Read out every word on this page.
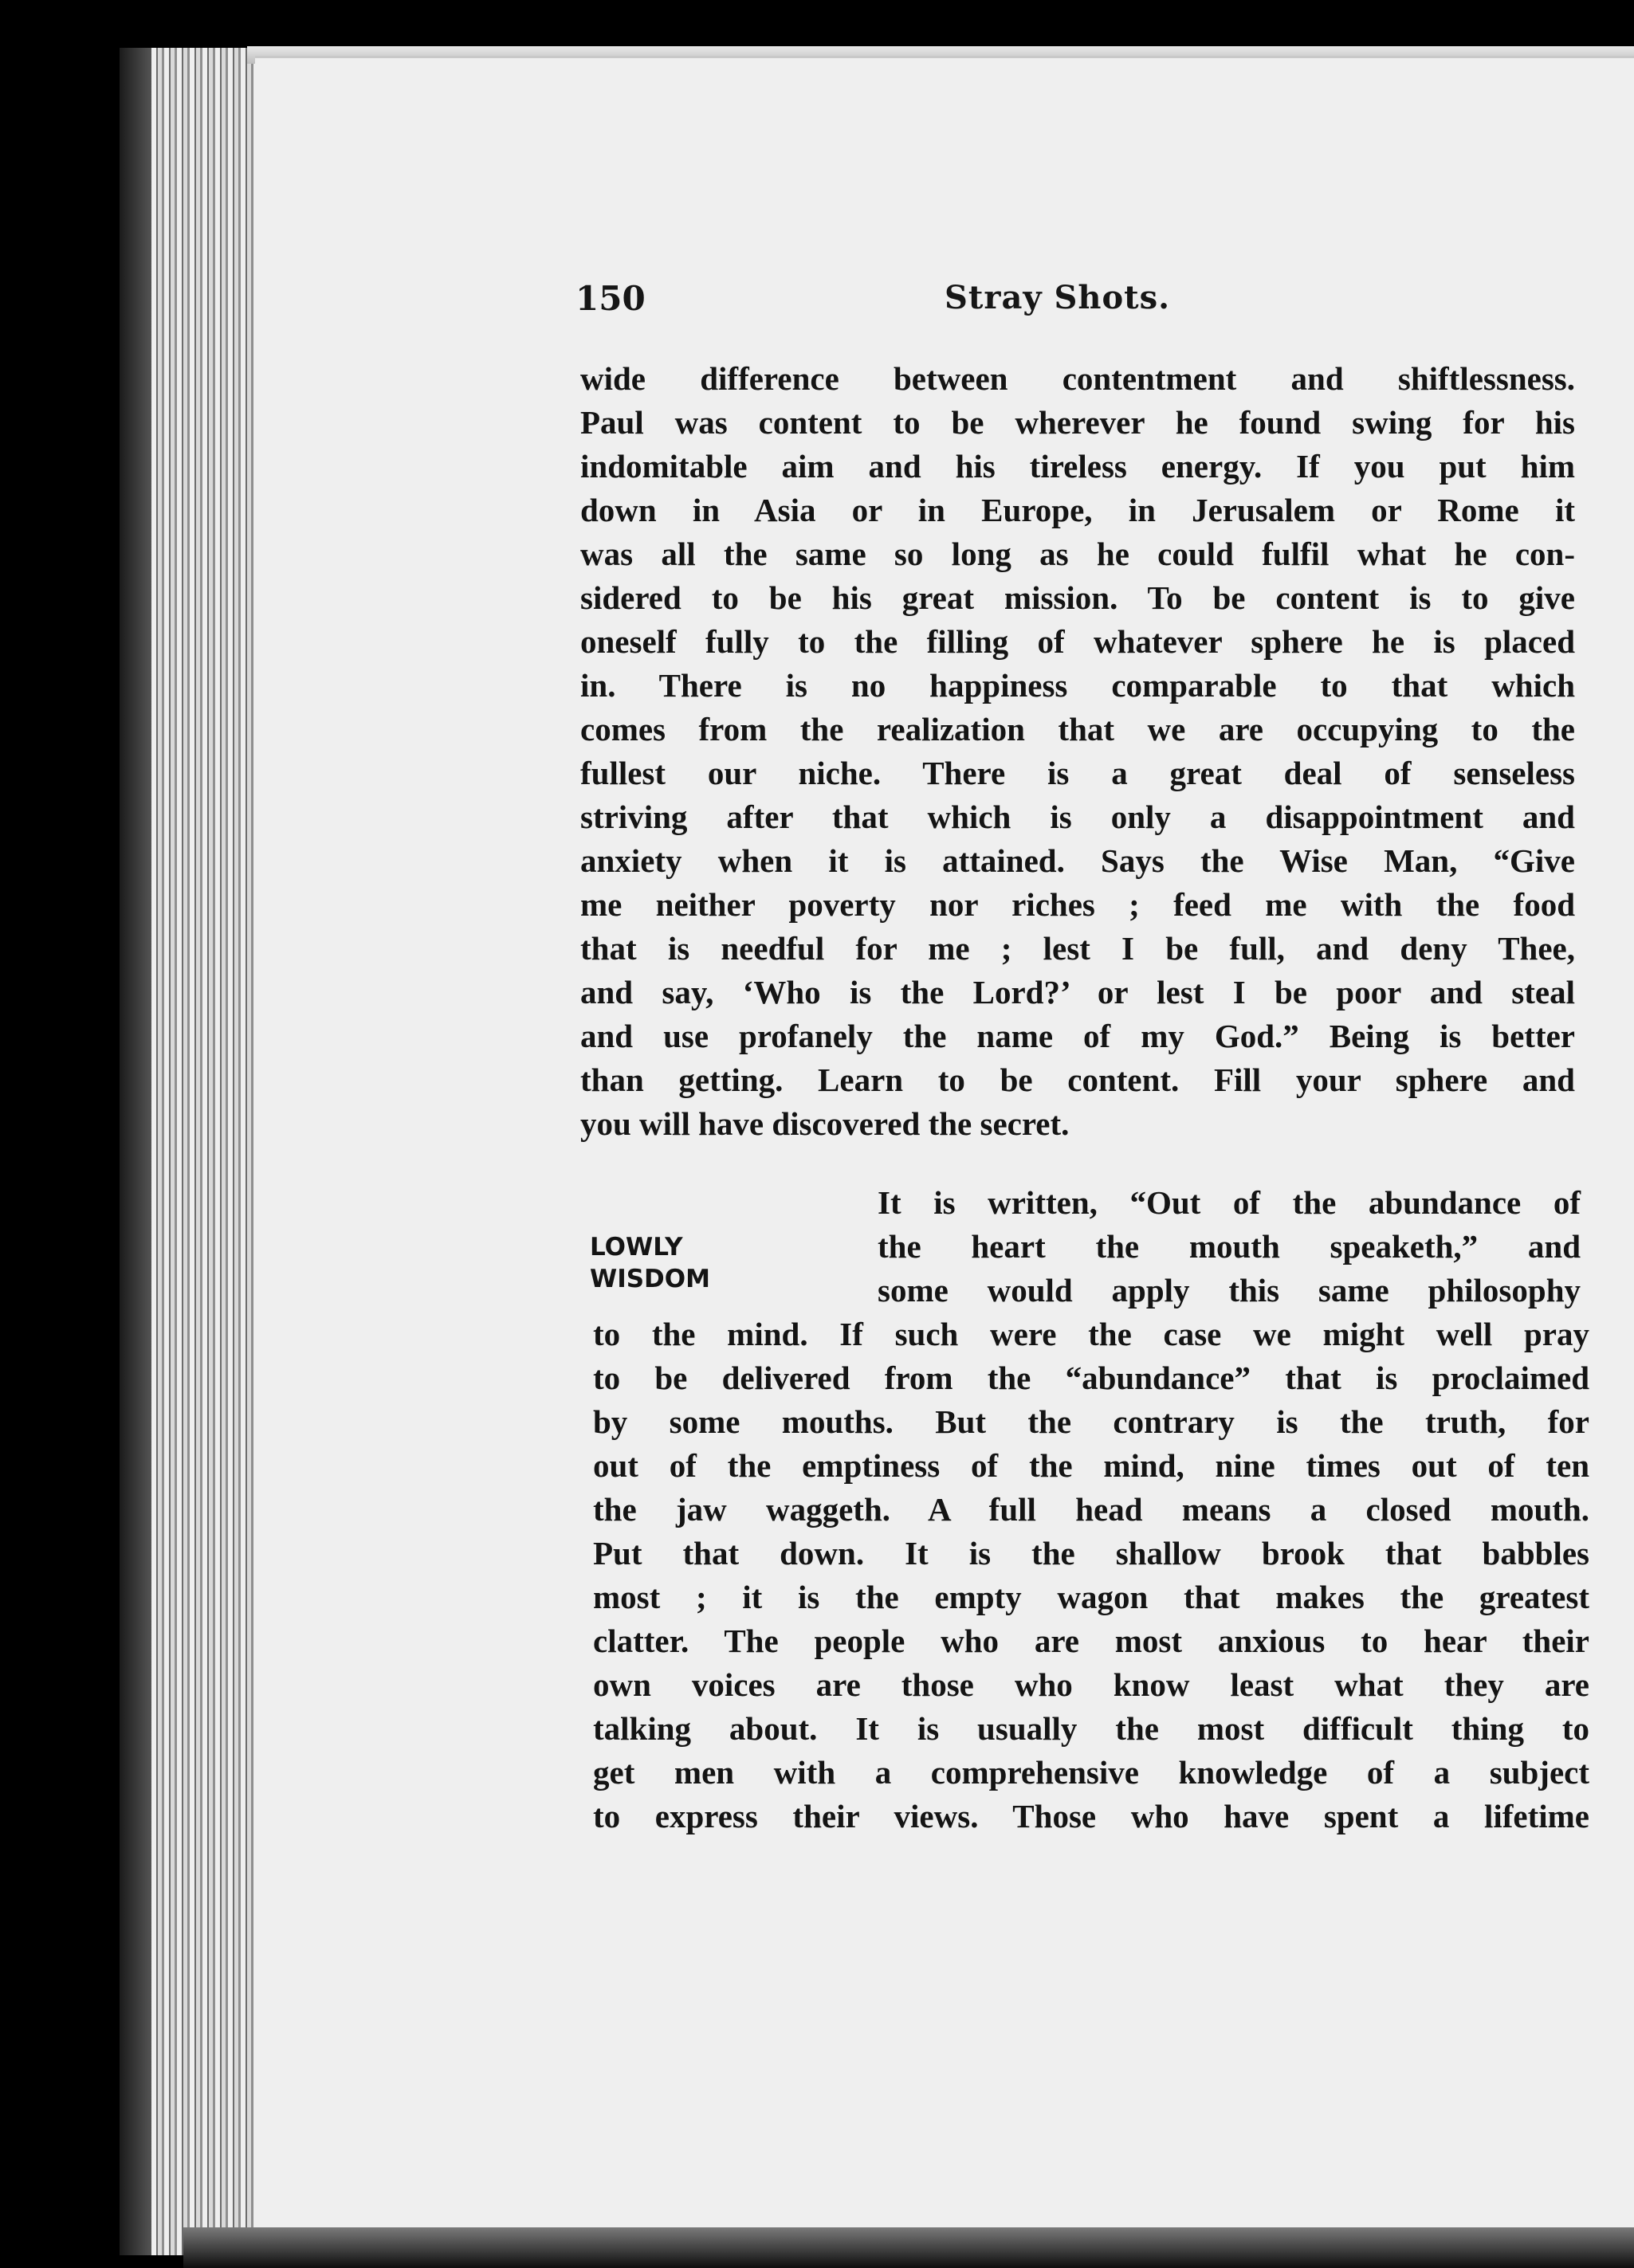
150	Stray Shots.
wide difference between contentment and shiftlessness.
Paul was content to be wherever he found swing for his
indomitable aim and his tireless energy. If you put him
down in Asia or in Europe, in Jerusalem or Rome it
was all the same so long as he could fulfil what he con-
sidered to be his great mission. To be content is to give
oneself fully to the filling of whatever sphere he is placed
in. There is no happiness comparable to that which
comes from the realization that we are occupying to the
fullest our niche. There is a great deal of senseless
striving after that which is only a disappointment and
anxiety when it is attained. Says the Wise Man, “Give
me neither poverty nor riches ; feed me with the food
that is needful for me ; lest I be full, and deny Thee,
and say, ‘Who is the Lord?’ or lest I be poor and steal
and use profanely the name of my God.” Being is better
than getting. Learn to be content. Fill your sphere and
you will have discovered the secret.
LOWLY
WISDOM
It is written, “Out of the abundance of
the heart the mouth speaketh,” and
some would apply this same philosophy
to the mind. If such were the case we might well pray
to be delivered from the “abundance” that is proclaimed
by some mouths. But the contrary is the truth, for
out of the emptiness of the mind, nine times out of ten
the jaw waggeth. A full head means a closed mouth.
Put that down. It is the shallow brook that babbles
most ; it is the empty wagon that makes the greatest
clatter. The people who are most anxious to hear their
own voices are those who know least what they are
talking about. It is usually the most difficult thing to
get men with a comprehensive knowledge of a subject
to express their views. Those who have spent a lifetime
